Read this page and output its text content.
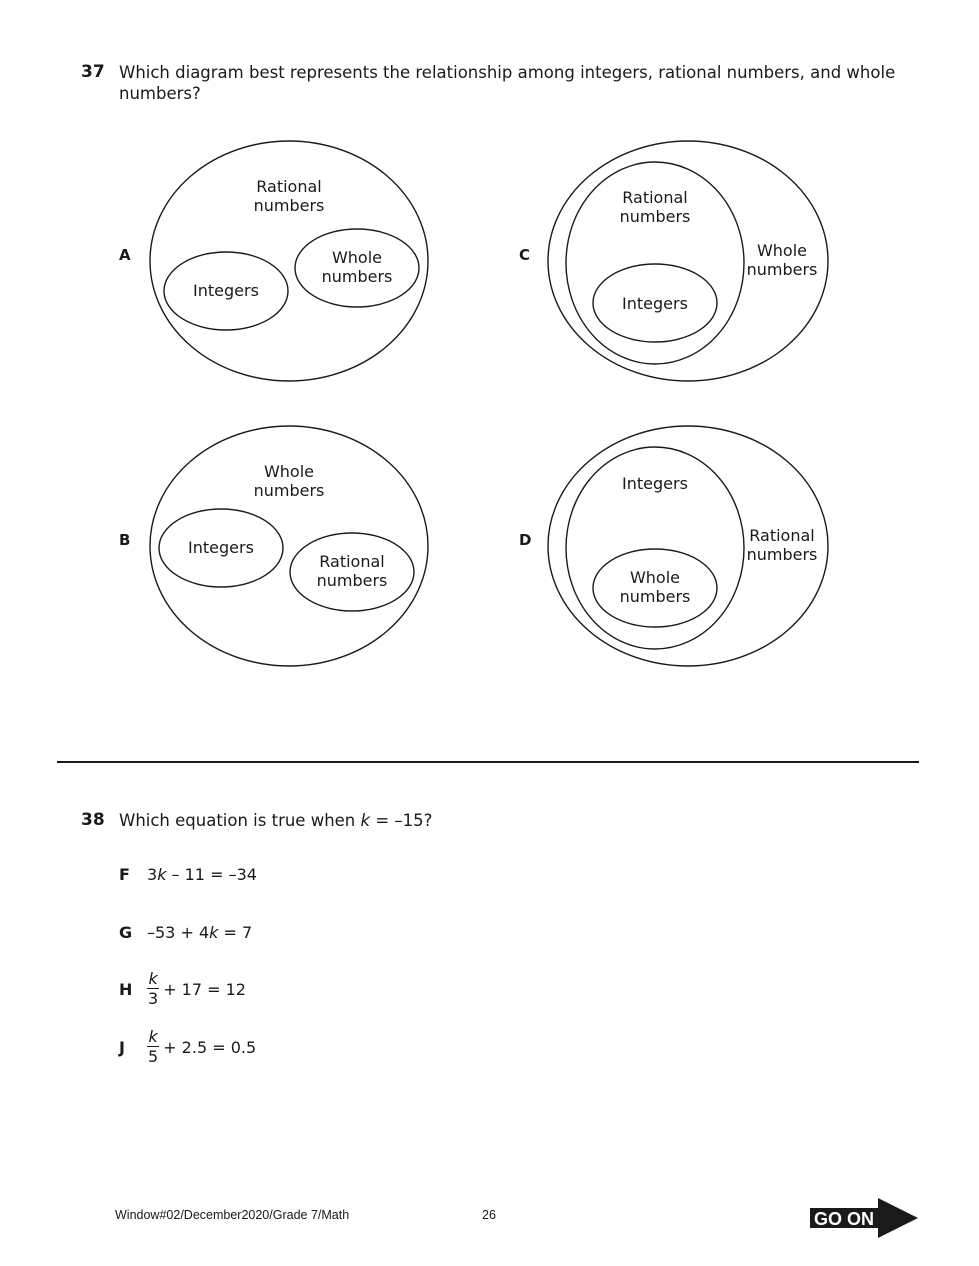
37 Which diagram best represents the relationship among integers, rational numbers, and whole
numbers?
A
Rational
numbers
Integers
Whole
numbers
C	Whole
numbers
Rational
numbers
Integers
B
Whole
numbers
Integers
Rational
numbers
D	Rational
numbers
Integers
Whole
numbers
38 Which equation is true when k = –15?
F	3k – 11 = –34
G –53 + 4k = 7
H $\frac{k}{3} + 17 = 12$
J	$\frac{k}{5} + 2.5 = 0.5$
Window#02/December2020/Grade 7/Math	26	GO ON
